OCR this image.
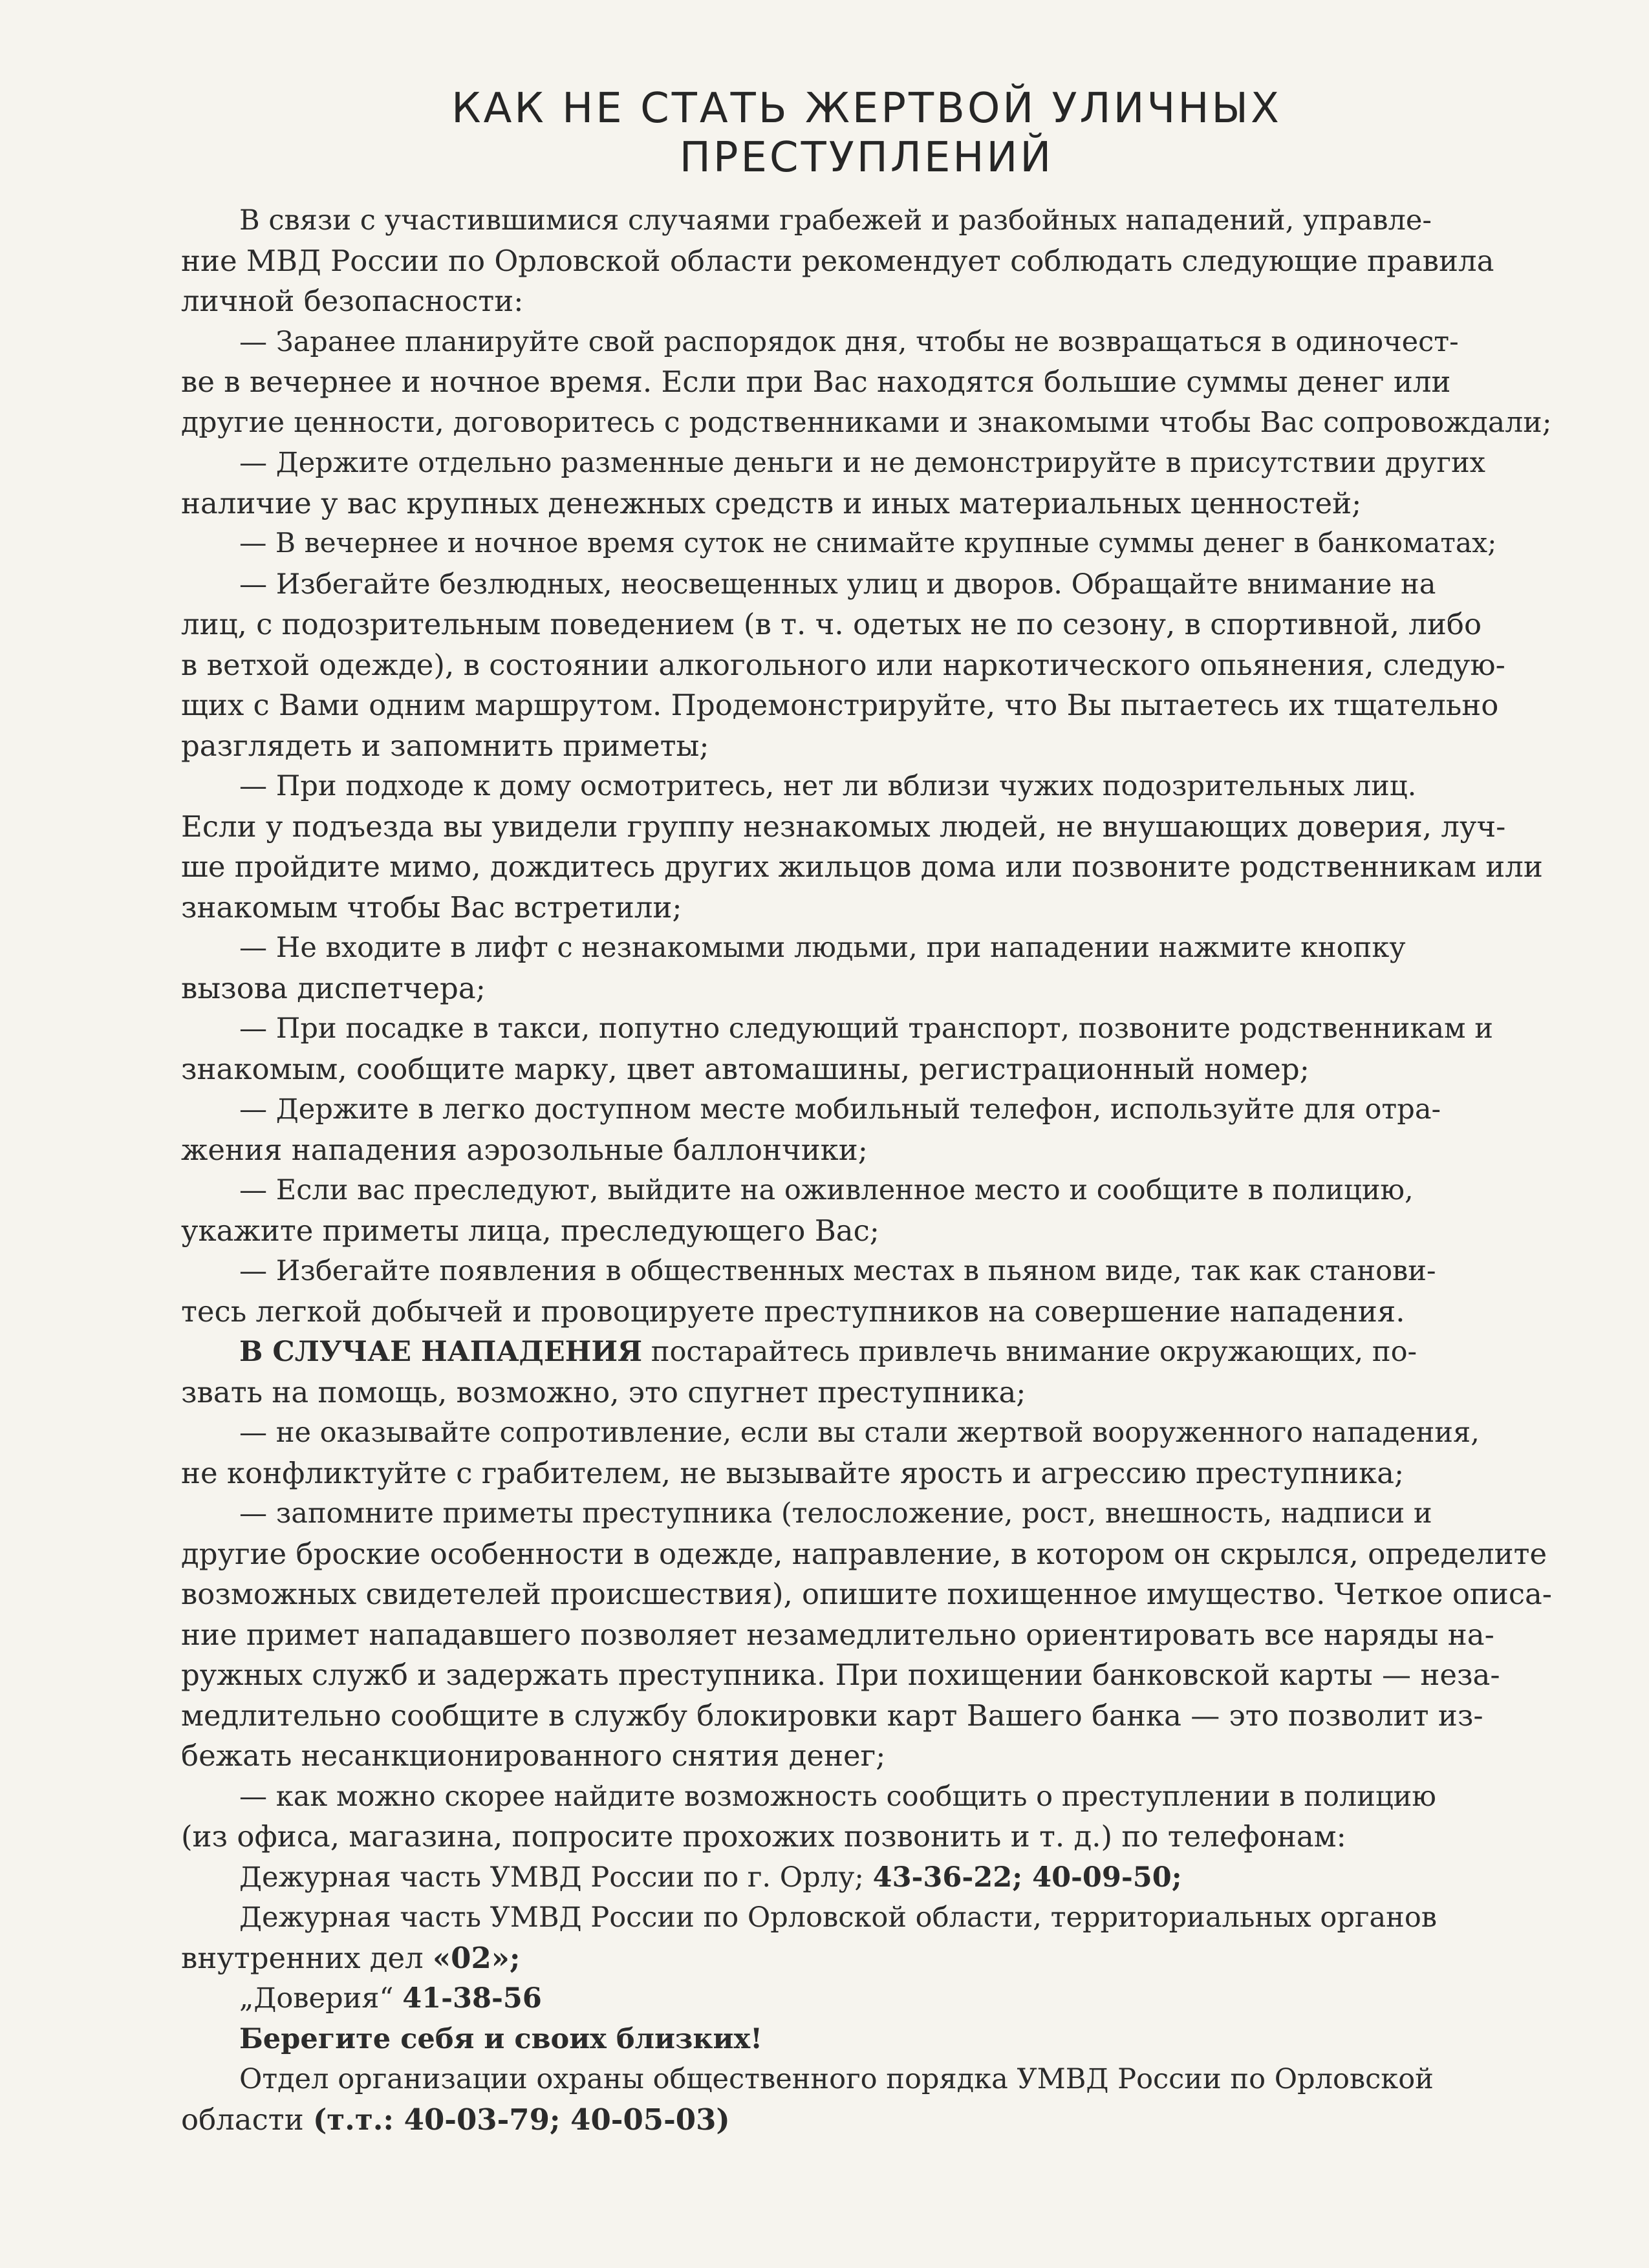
КАК НЕ СТАТЬ ЖЕРТВОЙ УЛИЧНЫХ
ПРЕСТУПЛЕНИЙ
В связи с участившимися случаями грабежей и разбойных нападений, управле-
ние МВД России по Орловской области рекомендует соблюдать следующие правила
личной безопасности:
— Заранее планируйте свой распорядок дня, чтобы не возвращаться в одиночест-
ве в вечернее и ночное время. Если при Вас находятся большие суммы денег или
другие ценности, договоритесь с родственниками и знакомыми чтобы Вас сопровождали;
— Держите отдельно разменные деньги и не демонстрируйте в присутствии других
наличие у вас крупных денежных средств и иных материальных ценностей;
— В вечернее и ночное время суток не снимайте крупные суммы денег в банкоматах;
— Избегайте безлюдных, неосвещенных улиц и дворов. Обращайте внимание на
лиц, с подозрительным поведением (в т. ч. одетых не по сезону, в спортивной, либо
в ветхой одежде), в состоянии алкогольного или наркотического опьянения, следую-
щих с Вами одним маршрутом. Продемонстрируйте, что Вы пытаетесь их тщательно
разглядеть и запомнить приметы;
— При подходе к дому осмотритесь, нет ли вблизи чужих подозрительных лиц.
Если у подъезда вы увидели группу незнакомых людей, не внушающих доверия, луч-
ше пройдите мимо, дождитесь других жильцов дома или позвоните родственникам или
знакомым чтобы Вас встретили;
— Не входите в лифт с незнакомыми людьми, при нападении нажмите кнопку
вызова диспетчера;
— При посадке в такси, попутно следующий транспорт, позвоните родственникам и
знакомым, сообщите марку, цвет автомашины, регистрационный номер;
— Держите в легко доступном месте мобильный телефон, используйте для отра-
жения нападения аэрозольные баллончики;
— Если вас преследуют, выйдите на оживленное место и сообщите в полицию,
укажите приметы лица, преследующего Вас;
— Избегайте появления в общественных местах в пьяном виде, так как станови-
тесь легкой добычей и провоцируете преступников на совершение нападения.
В СЛУЧАЕ НАПАДЕНИЯ постарайтесь привлечь внимание окружающих, по-
звать на помощь, возможно, это спугнет преступника;
— не оказывайте сопротивление, если вы стали жертвой вооруженного нападения,
не конфликтуйте с грабителем, не вызывайте ярость и агрессию преступника;
— запомните приметы преступника (телосложение, рост, внешность, надписи и
другие броские особенности в одежде, направление, в котором он скрылся, определите
возможных свидетелей происшествия), опишите похищенное имущество. Четкое описа-
ние примет нападавшего позволяет незамедлительно ориентировать все наряды на-
ружных служб и задержать преступника. При похищении банковской карты — неза-
медлительно сообщите в службу блокировки карт Вашего банка — это позволит из-
бежать несанкционированного снятия денег;
— как можно скорее найдите возможность сообщить о преступлении в полицию
(из офиса, магазина, попросите прохожих позвонить и т. д.) по телефонам:
Дежурная часть УМВД России по г. Орлу; 43-36-22; 40-09-50;
Дежурная часть УМВД России по Орловской области, территориальных органов
внутренних дел «02»;
„Доверия“ 41-38-56
Берегите себя и своих близких!
Отдел организации охраны общественного порядка УМВД России по Орловской
области (т.т.: 40-03-79; 40-05-03)
